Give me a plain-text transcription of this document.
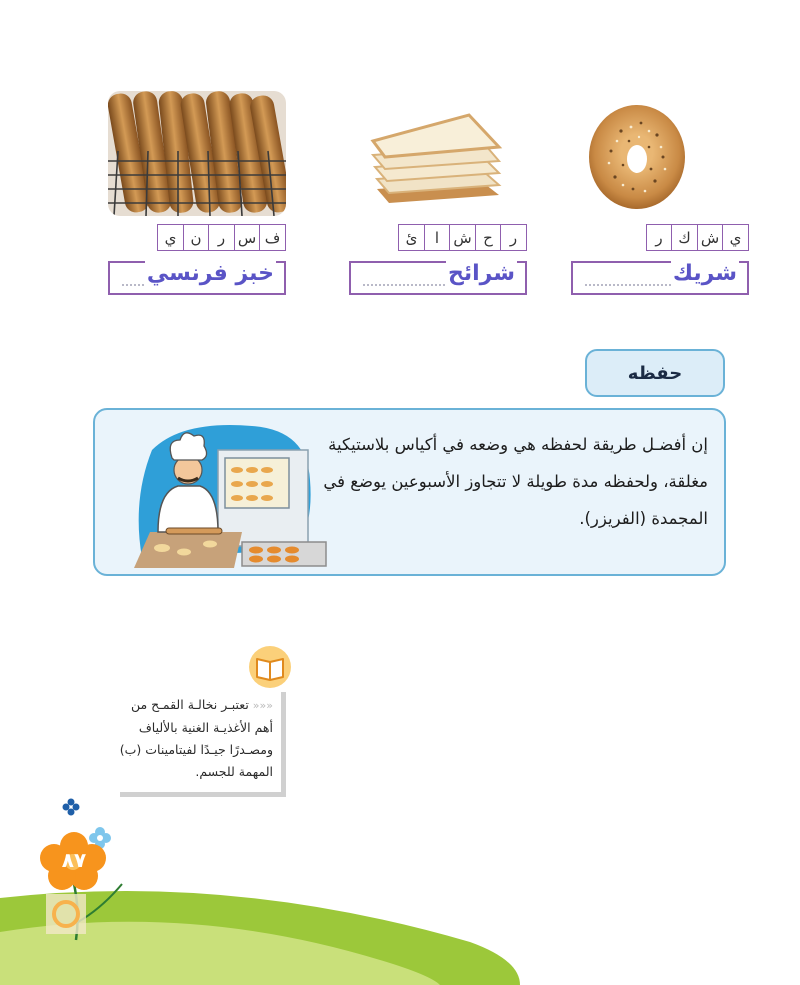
ف
س
ر
ن
ي
خبز فرنسي
ر
ح
ش
ا
ئ
شرائح
ي
ش
ك
ر
شريك
حفظه
إن أفضـل طريقة لحفظه هي وضعه في أكياس بلاستيكية مغلقة، ولحفظه مدة طويلة لا تتجاوز الأسبوعين يوضع في المجمدة (الفريزر).
««« تعتبـر نخالـة القمـح من أهم الأغذيـة الغنية بالألياف ومصـدرًا جيـدًا لفيتامينات (ب) المهمة للجسم.
٨٧
